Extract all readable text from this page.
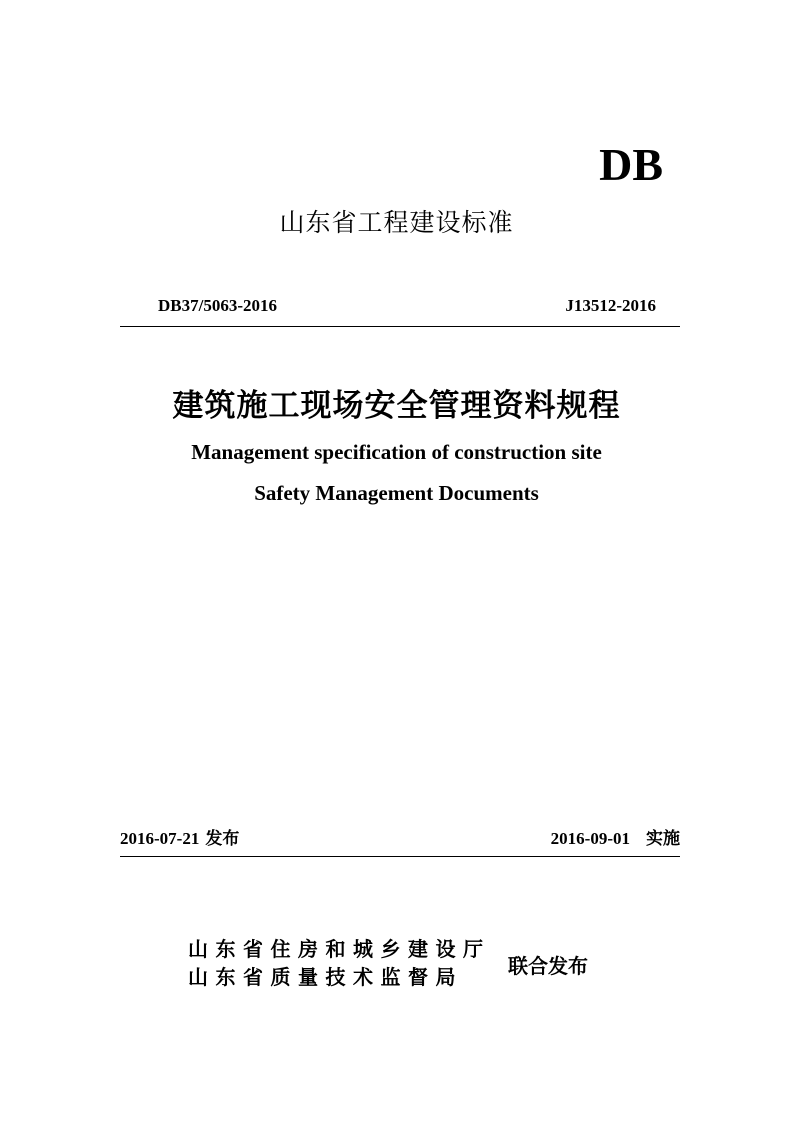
DB
山东省工程建设标准
DB37/5063-2016	J13512-2016
建筑施工现场安全管理资料规程
Management specification of construction site
Safety Management Documents
2016-07-21 发布	2016-09-01 实施
山东省住房和城乡建设厅
山东省质量技术监督局 联合发布
